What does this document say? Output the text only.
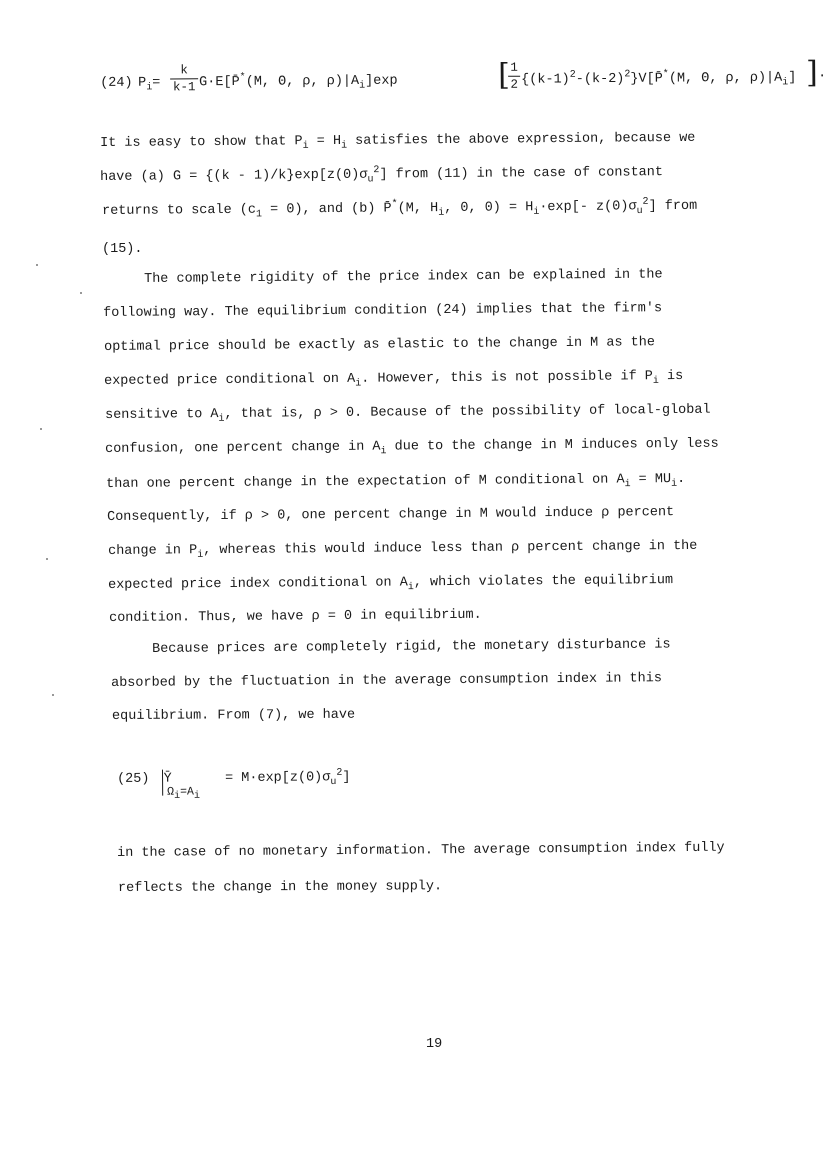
(24) $P_i=$
k
k-1 G·E[P̄*(M, Θ, ρ, $\rho)|A_i]\exp$	[ 1
2 $\{(k-1)^2-(k-2)^2\}V[P̄^*(M$, Θ, ρ, $\rho)|A_i$] ] .
It is easy to show that $P_i = H_i$ satisfies the above expression, because we
have (a) $G = \{(k - 1)/k\}\exp[z(0)\sigma_u^2]$ from (11) in the case of constant
returns to scale $(c_1 = 0)$, and (b) P̄*(M, $H_i$, 0, $0) = H_i\cdot\exp[-$ $z(0)\sigma_u^2$] from
(15).
The complete rigidity of the price index can be explained in the
following way. The equilibrium condition (24) implies that the firm's
optimal price should be exactly as elastic to the change in M as the
expected price conditional on $A_i$. However, this is not possible if $P_i$ is
sensitive to $A_i$, that is, ρ > 0. Because of the possibility of local-global
confusion, one percent change in $A_i$ due to the change in M induces only less
than one percent change in the expectation of M conditional on $A_i = MU_i$.
Consequently, if ρ > 0, one percent change in M would induce ρ percent
change in $P_i$, whereas this would induce less than ρ percent change in the
expected price index conditional on $A_i$, which violates the equilibrium
condition. Thus, we have ρ = 0 in equilibrium.
Because prices are completely rigid, the monetary disturbance is
absorbed by the fluctuation in the average consumption index in this
equilibrium. From (7), we have
(25) Ȳ
$\Omega_i=A_i$
= $M\cdot\exp[z(0)\sigma_u^2]$
in the case of no monetary information. The average consumption index fully
reflects the change in the money supply.
19
